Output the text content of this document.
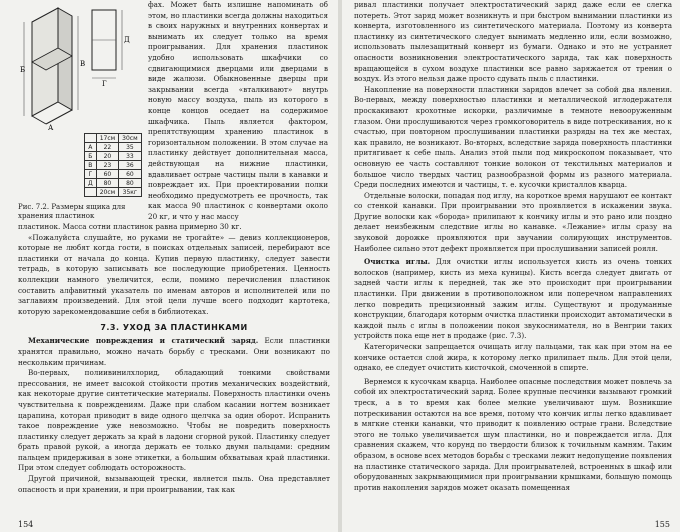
Б
В
А
Д
Г
	17см	30см
А	22	35
Б	20	33
В	23	36
Г	60	60
Д	80	80
	20см	35кг
Рис. 7.2. Размеры ящика для хранения пластинок

фах. Может быть излишне напоминать об этом, но пластинки всегда должны находиться в своих наружных и внутренних конвертах и вынимать их следует только на время проигрывания. Для хранения пластинок удобно использовать шкафчики со сдвигающимися дверцами или дверцами в виде жалюзи. Обыкновенные дверцы при закрывании всегда «вталкивают» внутрь новую массу воздуха, пыль из которого в конце концов оседает на содержимое шкафчика. Пыль является фактором, препятствующим хранению пластинок в горизонтальном положении. В этом случае на пластинку действует дополнительная масса, действующая на нижние пластинки, вдавливает острые частицы пыли в канавки и повреждает их. При проектировании полки необходимо предусмотреть ее прочность, так как масса 90 пластинок с конвертами около 20 кг, и что у нас массу

пластинок. Масса сотни пластинок равна примерно 30 кг.

«Пожалуйста слушайте, но руками не трогайте» — девиз коллекционеров, которые не любят когда гости, в поисках отдельных записей, перебирают все пластинки от начала до конца. Купив первую пластинку, следует завести тетрадь, в которую записывать все последующие приобретения. Ценность коллекции намного увеличится, если, помимо перечисления пластинок составить алфавитный указатель по именам авторов и исполнителей или по заглавиям произведений. Для этой цели лучше всего подходит картотека, которую зарекомендовавшие себя в библиотеках.

7.3. УХОД ЗА ПЛАСТИНКАМИ

Механические повреждения и статический заряд. Если пластинки хранятся правильно, можно начать борьбу с тресками. Они возникают по нескольким причинам.

Во-первых, полиивинилхлорид, обладающий тонкими свойствами прессования, не имеет высокой стойкости против механических воздействий, как некоторые другие синтетические материалы. Поверхность пластинки очень чувствительна к повреждениям. Даже при слабом касании ногтем возникает царапина, которая приводит в виде одного щелчка за один оборот. Испранить такое повреждение уже невозможно. Чтобы не повредить поверхность пластинку следует держать за край в ладони сгорной рукой. Пластинку следует брать правой рукой, а иногда держать ее только двумя пальцами: средним пальцем придерживая в зоне этикетки, а большим обхватывая край пластинки. При этом следует соблюдать осторожность.

Другой причиной, вызывающей трески, является пыль. Она представляет опасность и при хранении, и при проигрывании, так как

154

ривал пластинки получает электростатический заряд даже если ее слегка потереть. Этот заряд может возникнуть и при быстром вынимании пластинки из конверта, изготовленного из синтетического материала. Поэтому из конверта пластинку из синтетического следует вынимать медленно или, если возможно, использовать пылезащитный конверт из бумаги. Однако и это не устраняет опасности возникновения электростатического заряда, так как поверхность вращающейся в сухом воздухе пластинки все равно заряжается от трения о воздух. Из этого нельзя даже просто сдувать пыль с пластинки.

Накопление на поверхности пластинки зарядов влечет за собой два явления. Во-первых, между поверхностью пластинки и металлической иглодержателя проскакивают крохотные искорки, различимые в темноте невооруженным глазом. Они прослушиваются через громкоговоритель в виде потрескивания, но к счастью, при повторном прослушивании пластинки разряды на тех же местах, как правило, не возникают. Во-вторых, вследствие заряда поверхность пластинки притягивает к себе пыль. Анализ этой пыли под микроскопом показывает, что основную ее часть составляют тонкие волокон от текстильных материалов и большое число твердых частиц разнообразной формы из разного материала. Среди последних имеются и частицы, т. е. кусочки кристаллов кварца.

Отдельные волоски, попадая под иглу, на короткое время нарушают ее контакт со стенкой канавки. При проигрывании это проявляется в искажении звука. Другие волоски как «борода» прилипают к кончику иглы и это рано или поздно делает неизбежным следствие иглы но канавке. «Лежание» иглы сразу на звуковой дорожке проявляются при звучании солирующих инструментов. Наиболее сильно этот дефект проявляется при прослушивании записей рояля.

Очистка иглы. Для очистки иглы используется кисть из очень тонких волосков (например, кисть из меха куницы). Кисть всегда следует двигать от задней части иглы к передней, так же это происходит при проигрывании пластинки. При движении в противоположном или поперечном направлениях легко повредить прецизионный зажим иглы. Существуют и продуманные конструкции, благодаря которым очистка пластинки происходит автоматически в каждой пыль с иглы в положении покоя звукоснимателя, но в Венгрии таких устройств пока еще нет в продаже (рис. 7.3).

Категорически запрещается очищать иглу пальцами, так как при этом на ее кончике остается слой жира, к которому легко прилипает пыль. Для этой цели, однако, ее следует очистить кисточкой, смоченной в спирте.

Вернемся к кусочкам кварца. Наиболее опасные последствия может повлечь за собой их электростатический заряд. Более крупные песчинки вызывают громкий треск, а в то время как более мелкие увеличивают шум. Возникшие потрескивания остаются на все время, потому что кончик иглы легко вдавливает в мягкие стенки канавки, что приводит к появлению острые грани. Вследствие этого не только увеличивается шум пластинки, но и повреждается игла. Для сравнения скажем, что корунд по твердости близок к точильным камням. Таким образом, в основе всех методов борьбы с тресками лежит недопущение появления на пластинке статического заряда. Для проигрывателей, встроенных в шкаф или оборудованных закрывающимися при проигрывании крышками, большую помощь против накопления зарядов может оказать помещенная

155
